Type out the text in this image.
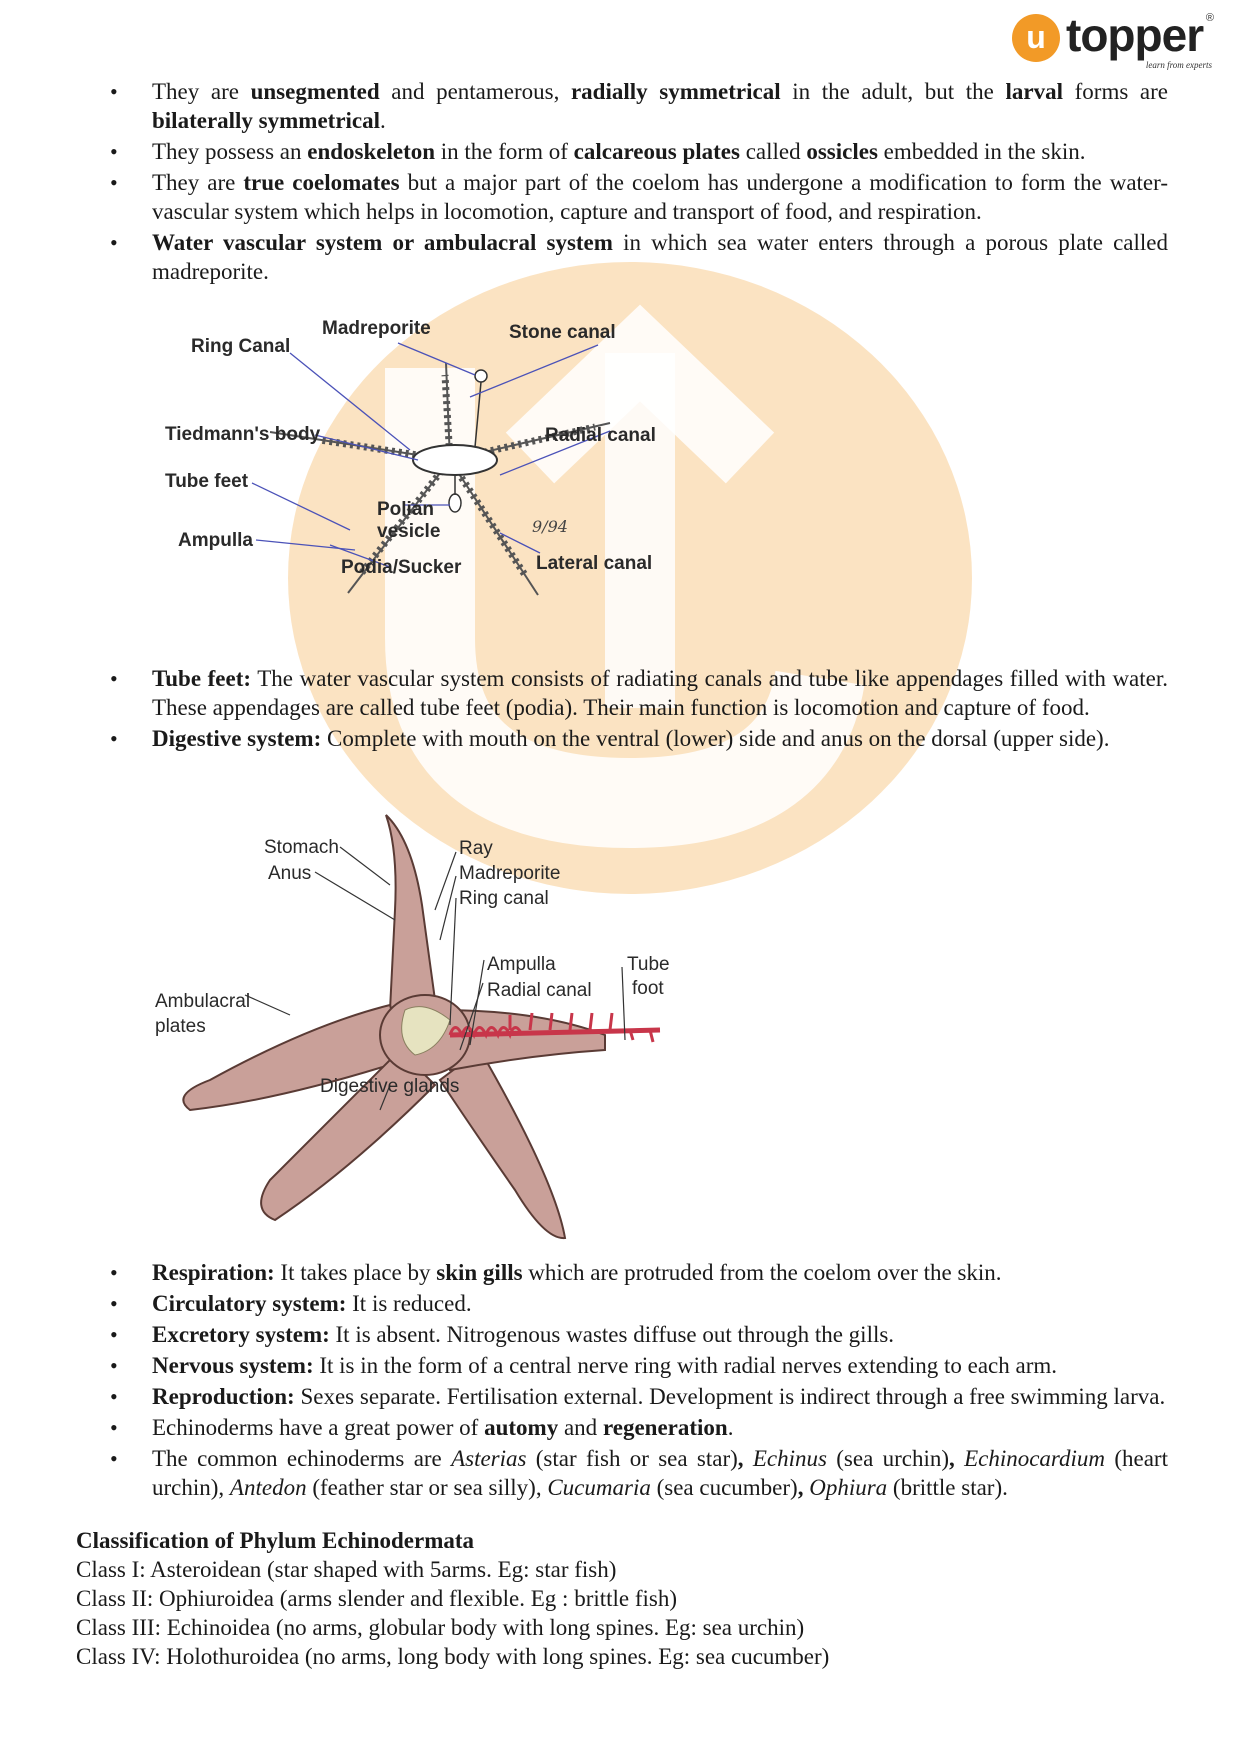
u topper ®
learn from experts
• They are unsegmented and pentamerous, radially symmetrical in the adult, but the larval forms are bilaterally symmetrical.
• They possess an endoskeleton in the form of calcareous plates called ossicles embedded in the skin.
• They are true coelomates but a major part of the coelom has undergone a modification to form the water-vascular system which helps in locomotion, capture and transport of food, and respiration.
• Water vascular system or ambulacral system in which sea water enters through a porous plate called madreporite.
Madreporite
Ring Canal
Stone canal
Tiedmann's body	Radial canal
Tube feet
Polian
vesicle
Ampulla
Podia/Sucker	Lateral canal
9/94
• Tube feet: The water vascular system consists of radiating canals and tube like appendages filled with water. These appendages are called tube feet (podia). Their main function is locomotion and capture of food.
• Digestive system: Complete with mouth on the ventral (lower) side and anus on the dorsal (upper side).
Stomach
Anus
Ray
Madreporite
Ring canal
Ampulla
Radial canal
Tube
foot
Ambulacral
plates
Digestive glands
• Respiration: It takes place by skin gills which are protruded from the coelom over the skin.
• Circulatory system: It is reduced.
• Excretory system: It is absent. Nitrogenous wastes diffuse out through the gills.
• Nervous system: It is in the form of a central nerve ring with radial nerves extending to each arm.
• Reproduction: Sexes separate. Fertilisation external. Development is indirect through a free swimming larva.
• Echinoderms have a great power of automy and regeneration.
• The common echinoderms are Asterias (star fish or sea star), Echinus (sea urchin), Echinocardium (heart urchin), Antedon (feather star or sea silly), Cucumaria (sea cucumber), Ophiura (brittle star).
Classification of Phylum Echinodermata
Class I: Asteroidean (star shaped with 5arms. Eg: star fish)
Class II: Ophiuroidea (arms slender and flexible. Eg : brittle fish)
Class III: Echinoidea (no arms, globular body with long spines. Eg: sea urchin)
Class IV: Holothuroidea (no arms, long body with long spines. Eg: sea cucumber)
